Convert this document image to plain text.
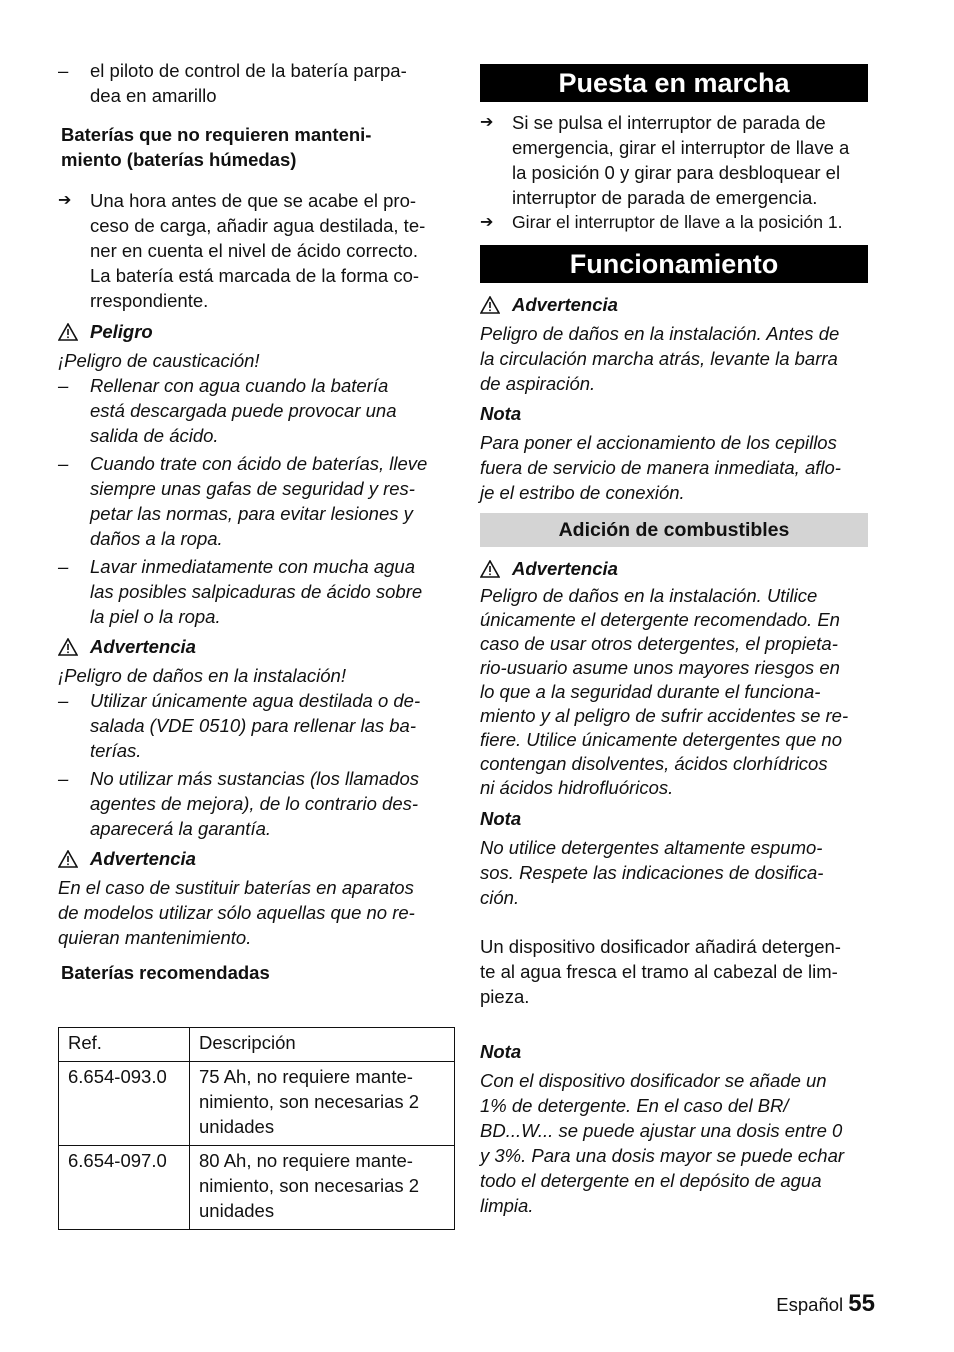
–	el piloto de control de la batería parpa-
dea en amarillo

Baterías que no requieren manteni-
miento (baterías húmedas)

➔	Una hora antes de que se acabe el pro-
ceso de carga, añadir agua destilada, te-
ner en cuenta el nivel de ácido correcto.
La batería está marcada de la forma co-
rrespondiente.
Peligro

¡Peligro de causticación!

–	Rellenar con agua cuando la batería
está descargada puede provocar una
salida de ácido.
–	Cuando trate con ácido de baterías, lleve
siempre unas gafas de seguridad y res-
petar las normas, para evitar lesiones y
daños a la ropa.
–	Lavar inmediatamente con mucha agua
las posibles salpicaduras de ácido sobre
la piel o la ropa.
Advertencia

¡Peligro de daños en la instalación!

–	Utilizar únicamente agua destilada o de-
salada (VDE 0510) para rellenar las ba-
terías.
–	No utilizar más sustancias (los llamados
agentes de mejora), de lo contrario des-
aparecerá la garantía.
Advertencia

En el caso de sustituir baterías en aparatos
de modelos utilizar sólo aquellas que no re-
quieran mantenimiento.

Baterías recomendadas

Ref.	Descripción
6.654-093.0	75 Ah, no requiere mante-
nimiento, son necesarias 2
unidades
6.654-097.0	80 Ah, no requiere mante-
nimiento, son necesarias 2
unidades
Puesta en marcha
➔	Si se pulsa el interruptor de parada de
emergencia, girar el interruptor de llave a
la posición 0 y girar para desbloquear el
interruptor de parada de emergencia.
➔	Girar el interruptor de llave a la posición 1.
Funcionamiento
Advertencia

Peligro de daños en la instalación. Antes de
la circulación marcha atrás, levante la barra
de aspiración.

Nota

Para poner el accionamiento de los cepillos
fuera de servicio de manera inmediata, aflo-
je el estribo de conexión.

Adición de combustibles
Advertencia

Peligro de daños en la instalación. Utilice
únicamente el detergente recomendado. En
caso de usar otros detergentes, el propieta-
rio-usuario asume unos mayores riesgos en
lo que a la seguridad durante el funciona-
miento y al peligro de sufrir accidentes se re-
fiere. Utilice únicamente detergentes que no
contengan disolventes, ácidos clorhídricos
ni ácidos hidrofluóricos.

Nota

No utilice detergentes altamente espumo-
sos. Respete las indicaciones de dosifica-
ción.

Un dispositivo dosificador añadirá detergen-
te al agua fresca el tramo al cabezal de lim-
pieza.

Nota

Con el dispositivo dosificador se añade un
1% de detergente. En el caso del BR/
BD...W... se puede ajustar una dosis entre 0
y 3%. Para una dosis mayor se puede echar
todo el detergente en el depósito de agua
limpia.

Español 55
